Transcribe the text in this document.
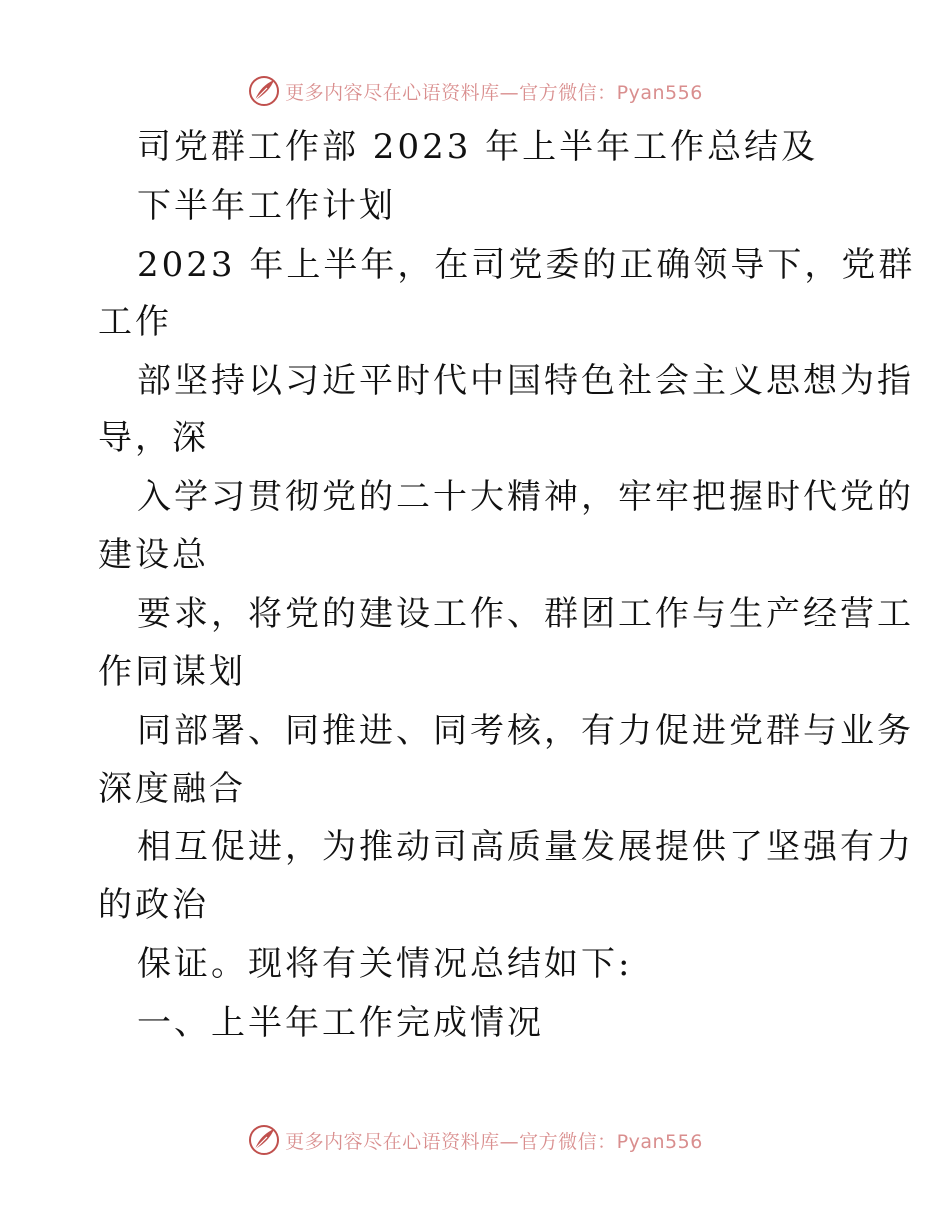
更多内容尽在心语资料库—官方微信：Pyan556
司党群工作部 2023 年上半年工作总结及
下半年工作计划
2023 年上半年，在司党委的正确领导下，党群
工作
部坚持以习近平时代中国特色社会主义思想为指
导，深
入学习贯彻党的二十大精神，牢牢把握时代党的
建设总
要求，将党的建设工作、群团工作与生产经营工
作同谋划
同部署、同推进、同考核，有力促进党群与业务
深度融合
相互促进，为推动司高质量发展提供了坚强有力
的政治
保证。现将有关情况总结如下:
一、上半年工作完成情况
更多内容尽在心语资料库—官方微信：Pyan556
